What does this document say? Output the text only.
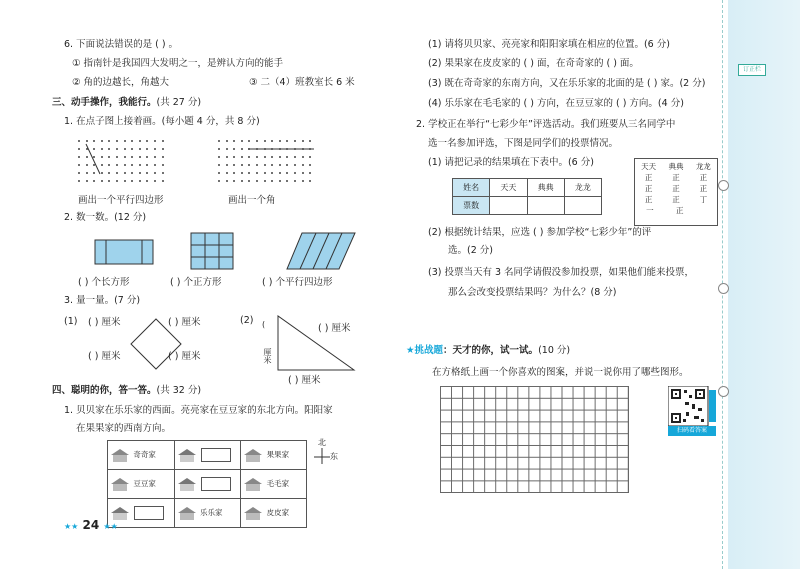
订正栏
6. 下面说法错误的是 ( ) 。
① 指南针是我国四大发明之一，是辨认方向的能手
② 角的边越长，角越大	③ 二（4）班教室长 6 米
三、动手操作，我能行。(共 27 分)
1. 在点子图上接着画。(每小题 4 分，共 8 分)
画出一个平行四边形	画出一个角
2. 数一数。(12 分)
( ) 个长方形	( ) 个正方形	( ) 个平行四边形
3. 量一量。(7 分)
(1) ( ) 厘米	( ) 厘米
( ) 厘米	( ) 厘米
(2) (
厘米
( ) 厘米
( ) 厘米
四、聪明的你，答一答。(共 32 分)
1. 贝贝家在乐乐家的西面。亮亮家在豆豆家的东北方向。阳阳家
在果果家的西南方向。
奇奇家		果果家
豆豆家		毛毛家
	乐乐家	皮皮家
北
东
★★ 24 ★★
(1) 请将贝贝家、亮亮家和阳阳家填在相应的位置。(6 分)
(2) 果果家在皮皮家的 ( ) 面，在奇奇家的 ( ) 面。
(3) 既在奇奇家的东南方向，又在乐乐家的北面的是 ( ) 家。(2 分)
(4) 乐乐家在毛毛家的 ( ) 方向，在豆豆家的 ( ) 方向。(4 分)
2. 学校正在举行“七彩少年”评选活动。我们班要从三名同学中
选一名参加评选，下图是同学们的投票情况。
(1) 请把记录的结果填在下表中。(6 分)
姓名	天天	典典	龙龙
票数			
天天 典典 龙龙
正	正	正
正	正	正
正	正	丁
一	正
(2) 根据统计结果，应选 ( ) 参加学校“七彩少年”的评
选。(2 分)
(3) 投票当天有 3 名同学请假没参加投票，如果他们能来投票，
那么会改变投票结果吗？为什么？(8 分)
★挑战题：天才的你，试一试。(10 分)
在方格纸上画一个你喜欢的图案，并说一说你用了哪些图形。
扫码看答案
